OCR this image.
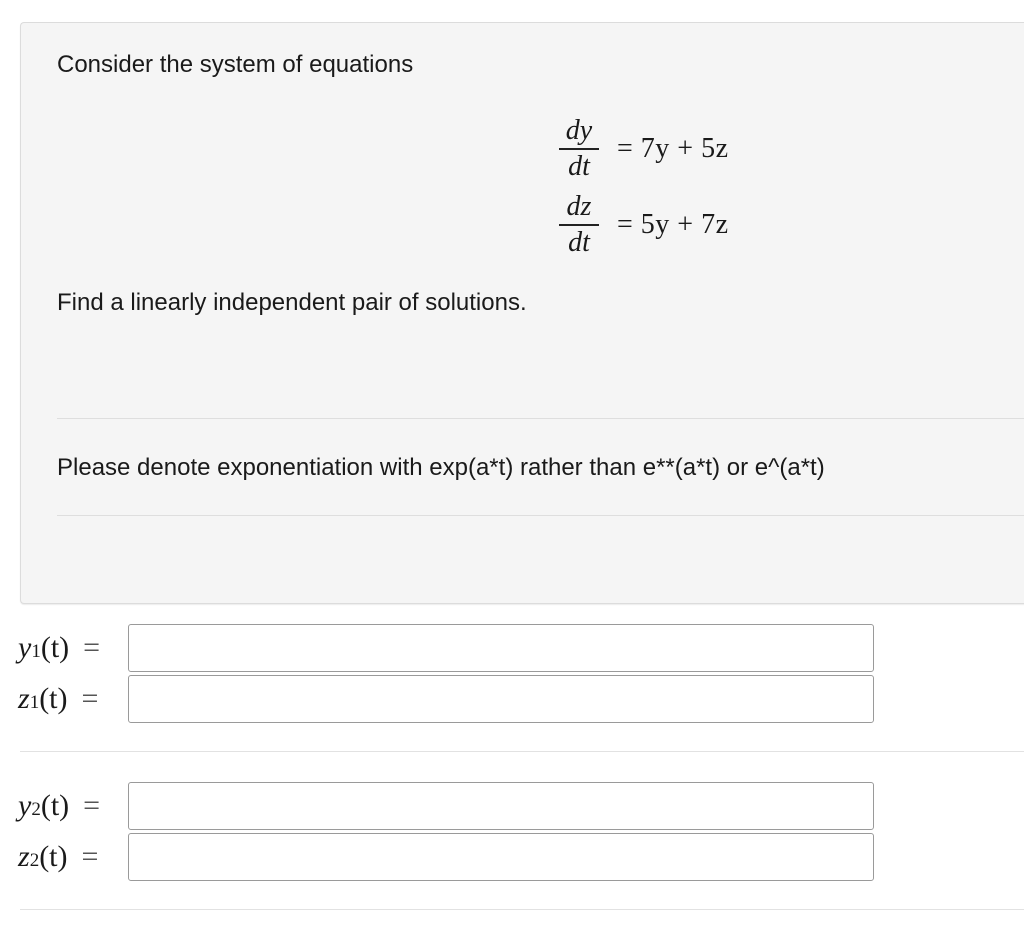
Consider the system of equations

$\frac{dy}{dt} = 7y + 5z$
$\frac{dz}{dt} = 5y + 7z$

Find a linearly independent pair of solutions.

Please denote exponentiation with exp(a*t) rather than e**(a*t) or e^(a*t)

y 1 (t) =
z 1 (t) =
y 2 (t) =
z 2 (t) =
